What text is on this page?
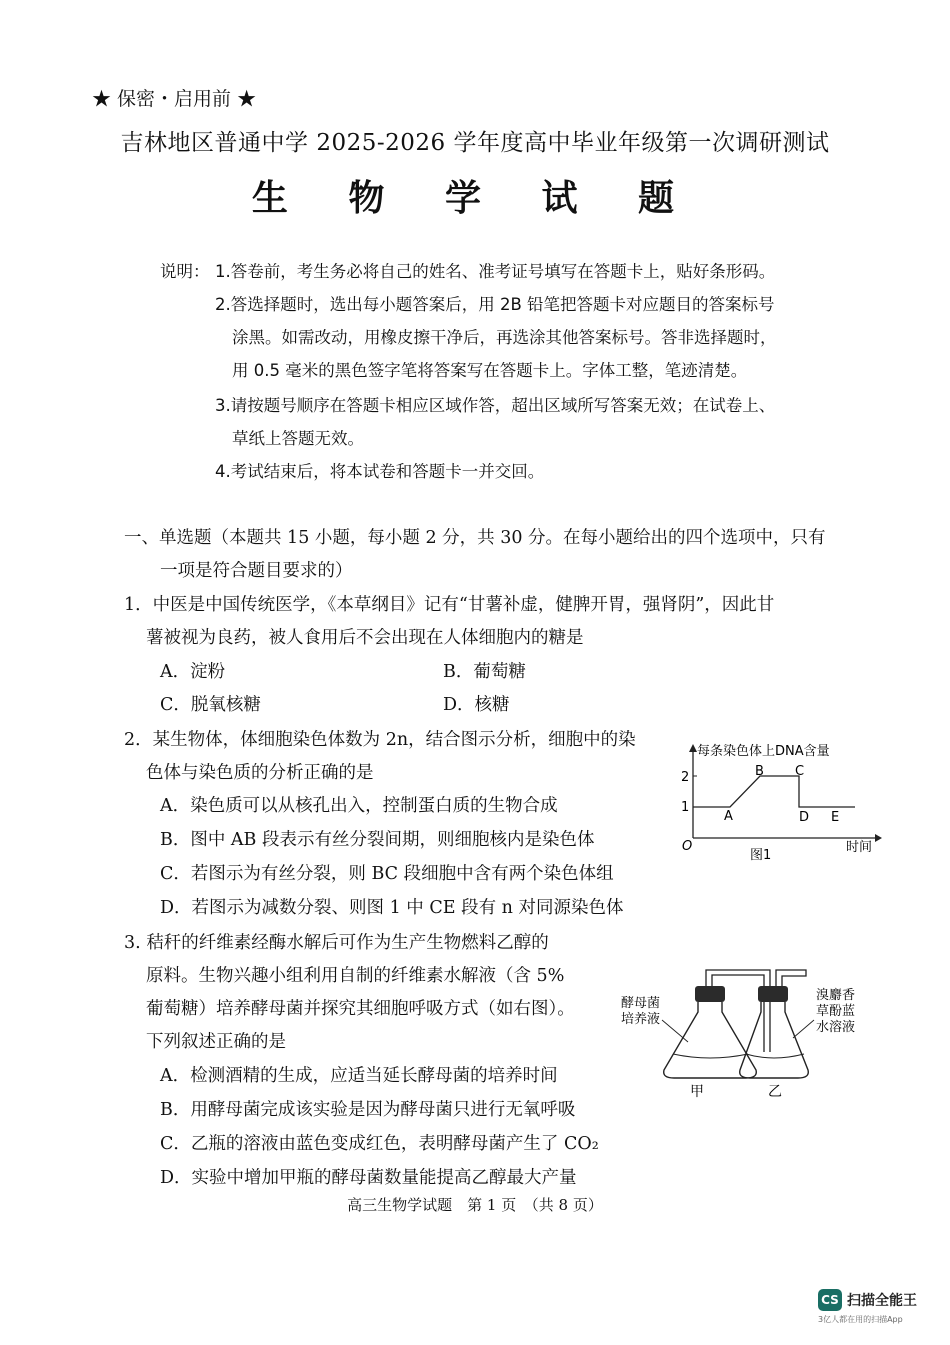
★ 保密・启用前 ★
吉林地区普通中学 2025-2026 学年度高中毕业年级第一次调研测试
生 物 学 试 题
说明： 1.答卷前，考生务必将自己的姓名、准考证号填写在答题卡上，贴好条形码。
2.答选择题时，选出每小题答案后，用 2B 铅笔把答题卡对应题目的答案标号
涂黑。如需改动，用橡皮擦干净后，再选涂其他答案标号。答非选择题时，
用 0.5 毫米的黑色签字笔将答案写在答题卡上。字体工整，笔迹清楚。
3.请按题号顺序在答题卡相应区域作答，超出区域所写答案无效；在试卷上、
草纸上答题无效。
4.考试结束后，将本试卷和答题卡一并交回。
一、单选题（本题共 15 小题，每小题 2 分，共 30 分。在每小题给出的四个选项中，只有
一项是符合题目要求的）
1．中医是中国传统医学，《本草纲目》记有“甘薯补虚，健脾开胃，强肾阴”，因此甘
薯被视为良药，被人食用后不会出现在人体细胞内的糖是
A．淀粉	B．葡萄糖
C．脱氧核糖	D．核糖
2．某生物体，体细胞染色体数为 2n，结合图示分析，细胞中的染
色体与染色质的分析正确的是
A．染色质可以从核孔出入，控制蛋白质的生物合成
B．图中 AB 段表示有丝分裂间期，则细胞核内是染色体
C．若图示为有丝分裂，则 BC 段细胞中含有两个染色体组
D．若图示为减数分裂、则图 1 中 CE 段有 n 对同源染色体
每条染色体上DNA含量
2
1
A
B C
D E
O
图1
时间
3. 秸秆的纤维素经酶水解后可作为生产生物燃料乙醇的
原料。生物兴趣小组利用自制的纤维素水解液（含 5%
葡萄糖）培养酵母菌并探究其细胞呼吸方式（如右图）。
下列叙述正确的是
A．检测酒精的生成，应适当延长酵母菌的培养时间
B．用酵母菌完成该实验是因为酵母菌只进行无氧呼吸
C．乙瓶的溶液由蓝色变成红色，表明酵母菌产生了 CO₂
D．实验中增加甲瓶的酵母菌数量能提高乙醇最大产量
酵母菌
培养液
溴麝香
草酚蓝
水溶液
甲	乙
高三生物学试题　第 1 页　（共 8 页）
CS 扫描全能王
3亿人都在用的扫描App
